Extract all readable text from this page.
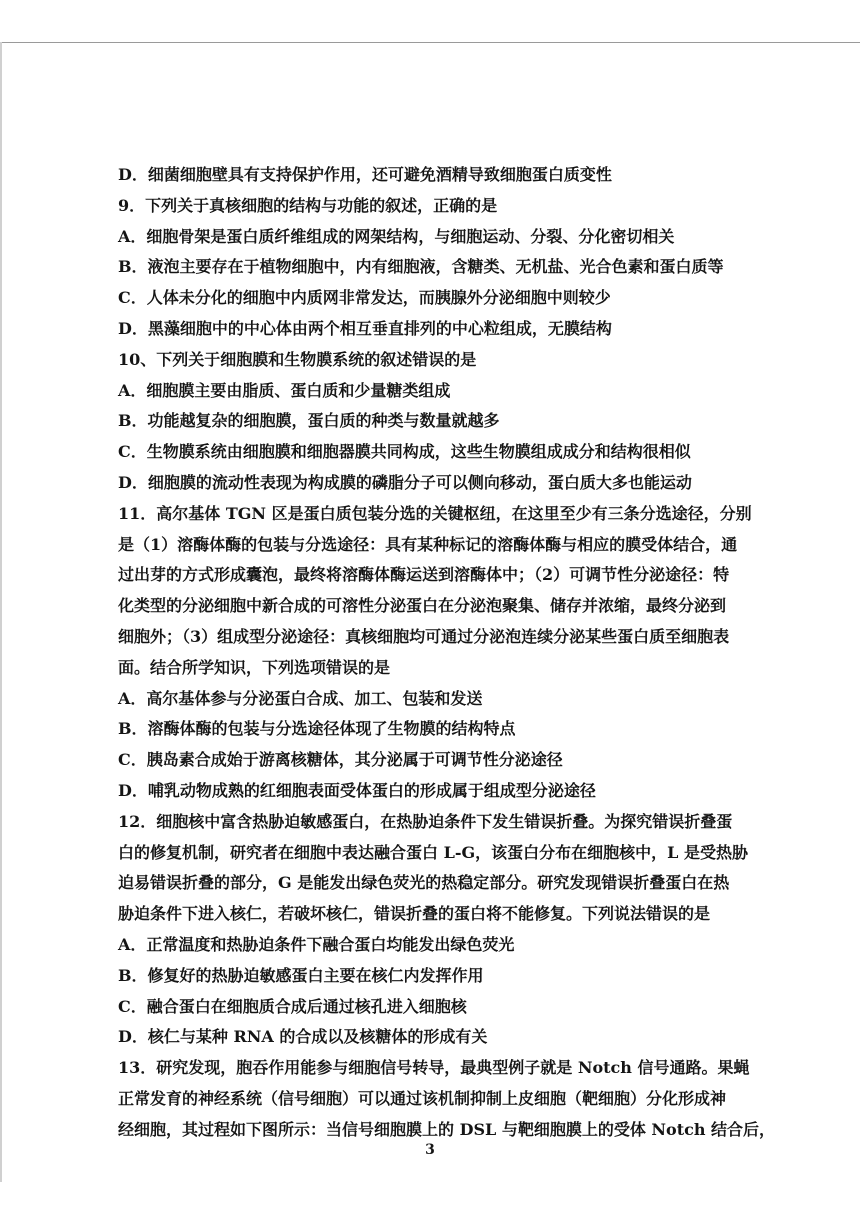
D．细菌细胞壁具有支持保护作用，还可避免酒精导致细胞蛋白质变性
9．下列关于真核细胞的结构与功能的叙述，正确的是
A．细胞骨架是蛋白质纤维组成的网架结构，与细胞运动、分裂、分化密切相关
B．液泡主要存在于植物细胞中，内有细胞液，含糖类、无机盐、光合色素和蛋白质等
C．人体未分化的细胞中内质网非常发达，而胰腺外分泌细胞中则较少
D．黑藻细胞中的中心体由两个相互垂直排列的中心粒组成，无膜结构
10、下列关于细胞膜和生物膜系统的叙述错误的是
A．细胞膜主要由脂质、蛋白质和少量糖类组成
B．功能越复杂的细胞膜，蛋白质的种类与数量就越多
C．生物膜系统由细胞膜和细胞器膜共同构成，这些生物膜组成成分和结构很相似
D．细胞膜的流动性表现为构成膜的磷脂分子可以侧向移动，蛋白质大多也能运动
11．高尔基体 TGN 区是蛋白质包装分选的关键枢纽，在这里至少有三条分选途径，分别
是（1）溶酶体酶的包装与分选途径：具有某种标记的溶酶体酶与相应的膜受体结合，通
过出芽的方式形成囊泡，最终将溶酶体酶运送到溶酶体中；（2）可调节性分泌途径：特
化类型的分泌细胞中新合成的可溶性分泌蛋白在分泌泡聚集、储存并浓缩，最终分泌到
细胞外；（3）组成型分泌途径：真核细胞均可通过分泌泡连续分泌某些蛋白质至细胞表
面。结合所学知识，下列选项错误的是
A．高尔基体参与分泌蛋白合成、加工、包装和发送
B．溶酶体酶的包装与分选途径体现了生物膜的结构特点
C．胰岛素合成始于游离核糖体，其分泌属于可调节性分泌途径
D．哺乳动物成熟的红细胞表面受体蛋白的形成属于组成型分泌途径
12．细胞核中富含热胁迫敏感蛋白，在热胁迫条件下发生错误折叠。为探究错误折叠蛋
白的修复机制，研究者在细胞中表达融合蛋白 L-G，该蛋白分布在细胞核中，L 是受热胁
迫易错误折叠的部分，G 是能发出绿色荧光的热稳定部分。研究发现错误折叠蛋白在热
胁迫条件下进入核仁，若破坏核仁，错误折叠的蛋白将不能修复。下列说法错误的是
A．正常温度和热胁迫条件下融合蛋白均能发出绿色荧光
B．修复好的热胁迫敏感蛋白主要在核仁内发挥作用
C．融合蛋白在细胞质合成后通过核孔进入细胞核
D．核仁与某种 RNA 的合成以及核糖体的形成有关
13．研究发现，胞吞作用能参与细胞信号转导，最典型例子就是 Notch 信号通路。果蝇
正常发育的神经系统（信号细胞）可以通过该机制抑制上皮细胞（靶细胞）分化形成神
经细胞，其过程如下图所示：当信号细胞膜上的 DSL 与靶细胞膜上的受体 Notch 结合后，
3
